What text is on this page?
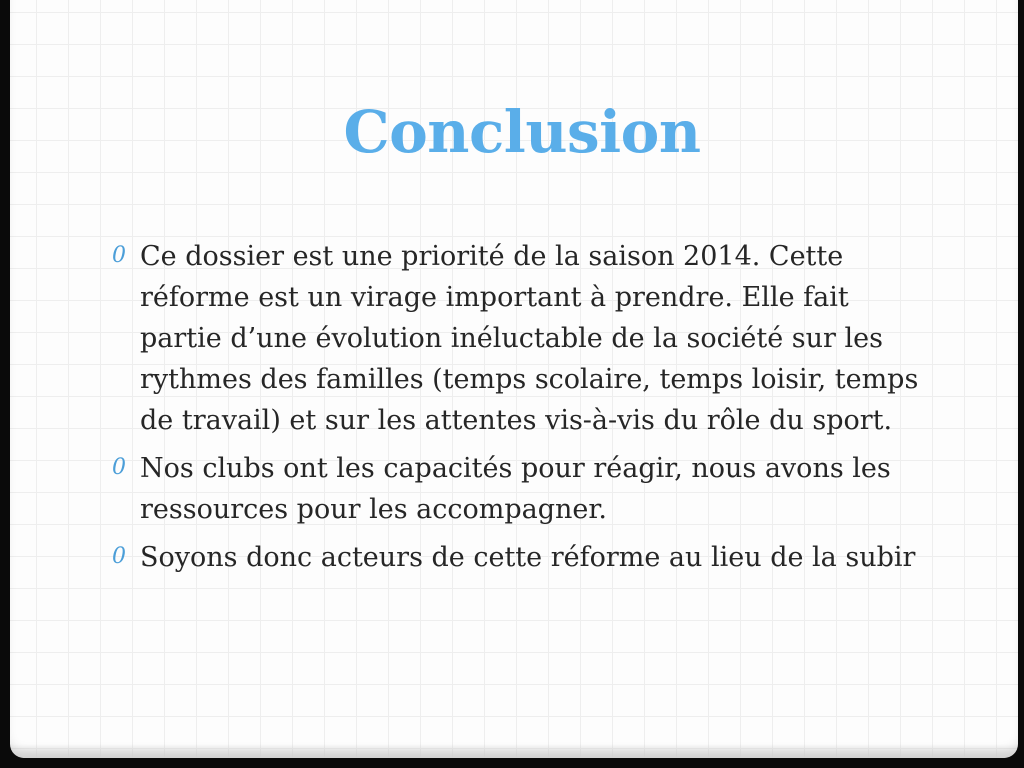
Conclusion
0 Ce dossier est une priorité de la saison 2014. Cette réforme est un virage important à prendre. Elle fait partie d’une évolution inéluctable de la société sur les rythmes des familles (temps scolaire, temps loisir, temps de travail) et sur les attentes vis-à-vis du rôle du sport.
0 Nos clubs ont les capacités pour réagir, nous avons les ressources pour les accompagner.
0 Soyons donc acteurs de cette réforme au lieu de la subir
